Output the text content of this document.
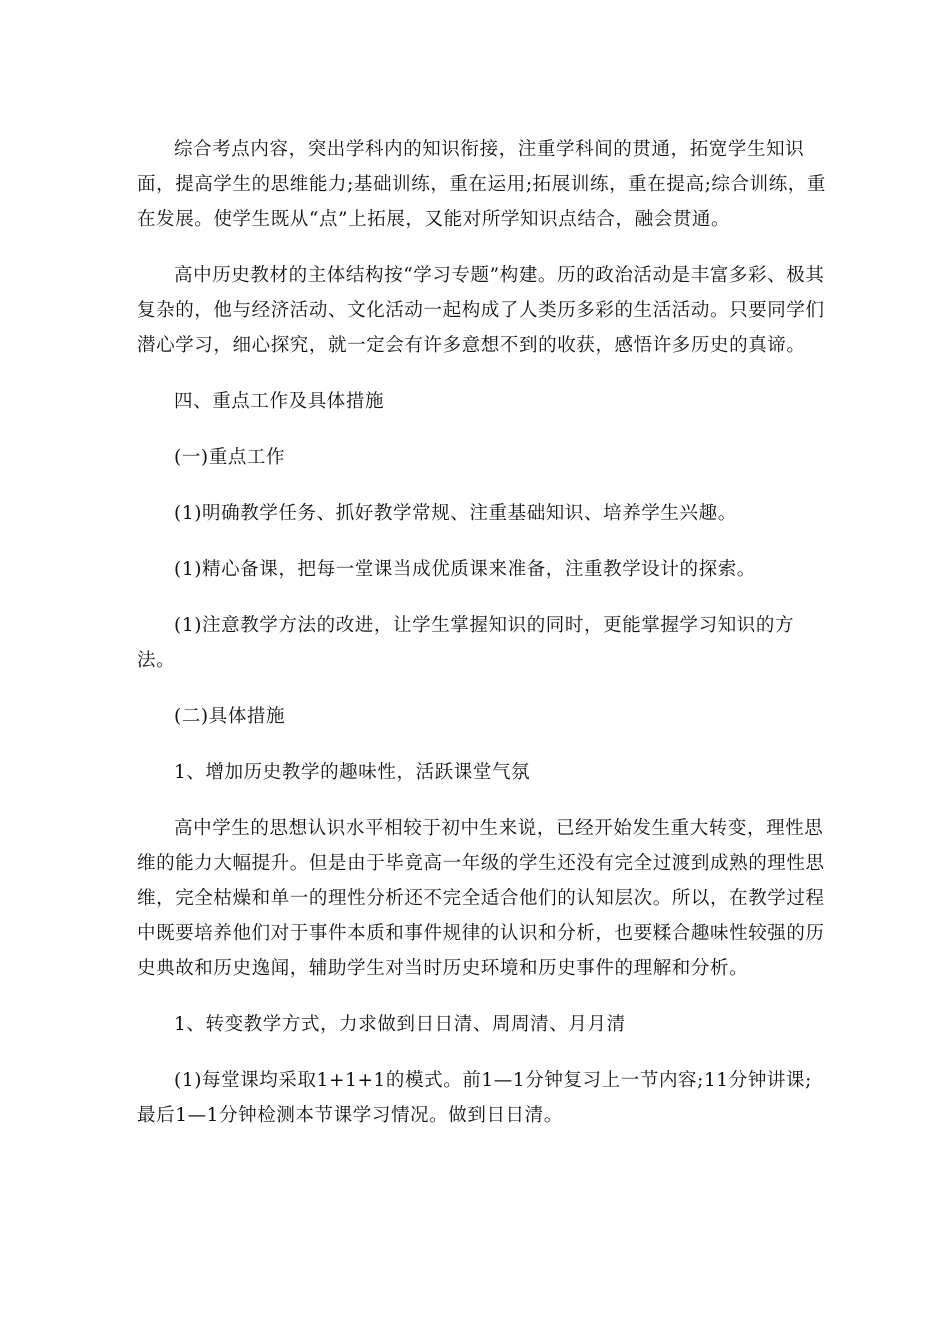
综合考点内容，突出学科内的知识衔接，注重学科间的贯通，拓宽学生知识面，提高学生的思维能力;基础训练，重在运用;拓展训练，重在提高;综合训练，重在发展。使学生既从“点”上拓展，又能对所学知识点结合，融会贯通。

高中历史教材的主体结构按“学习专题”构建。历的政治活动是丰富多彩、极其复杂的，他与经济活动、文化活动一起构成了人类历多彩的生活活动。只要同学们潜心学习，细心探究，就一定会有许多意想不到的收获，感悟许多历史的真谛。

四、重点工作及具体措施

(一)重点工作

(1)明确教学任务、抓好教学常规、注重基础知识、培养学生兴趣。

(1)精心备课，把每一堂课当成优质课来准备，注重教学设计的探索。

(1)注意教学方法的改进，让学生掌握知识的同时，更能掌握学习知识的方法。

(二)具体措施

1、增加历史教学的趣味性，活跃课堂气氛

高中学生的思想认识水平相较于初中生来说，已经开始发生重大转变，理性思维的能力大幅提升。但是由于毕竟高一年级的学生还没有完全过渡到成熟的理性思维，完全枯燥和单一的理性分析还不完全适合他们的认知层次。所以，在教学过程中既要培养他们对于事件本质和事件规律的认识和分析，也要糅合趣味性较强的历史典故和历史逸闻，辅助学生对当时历史环境和历史事件的理解和分析。

1、转变教学方式，力求做到日日清、周周清、月月清

(1)每堂课均采取1+1+1的模式。前1—1分钟复习上一节内容;11分钟讲课;最后1—1分钟检测本节课学习情况。做到日日清。
